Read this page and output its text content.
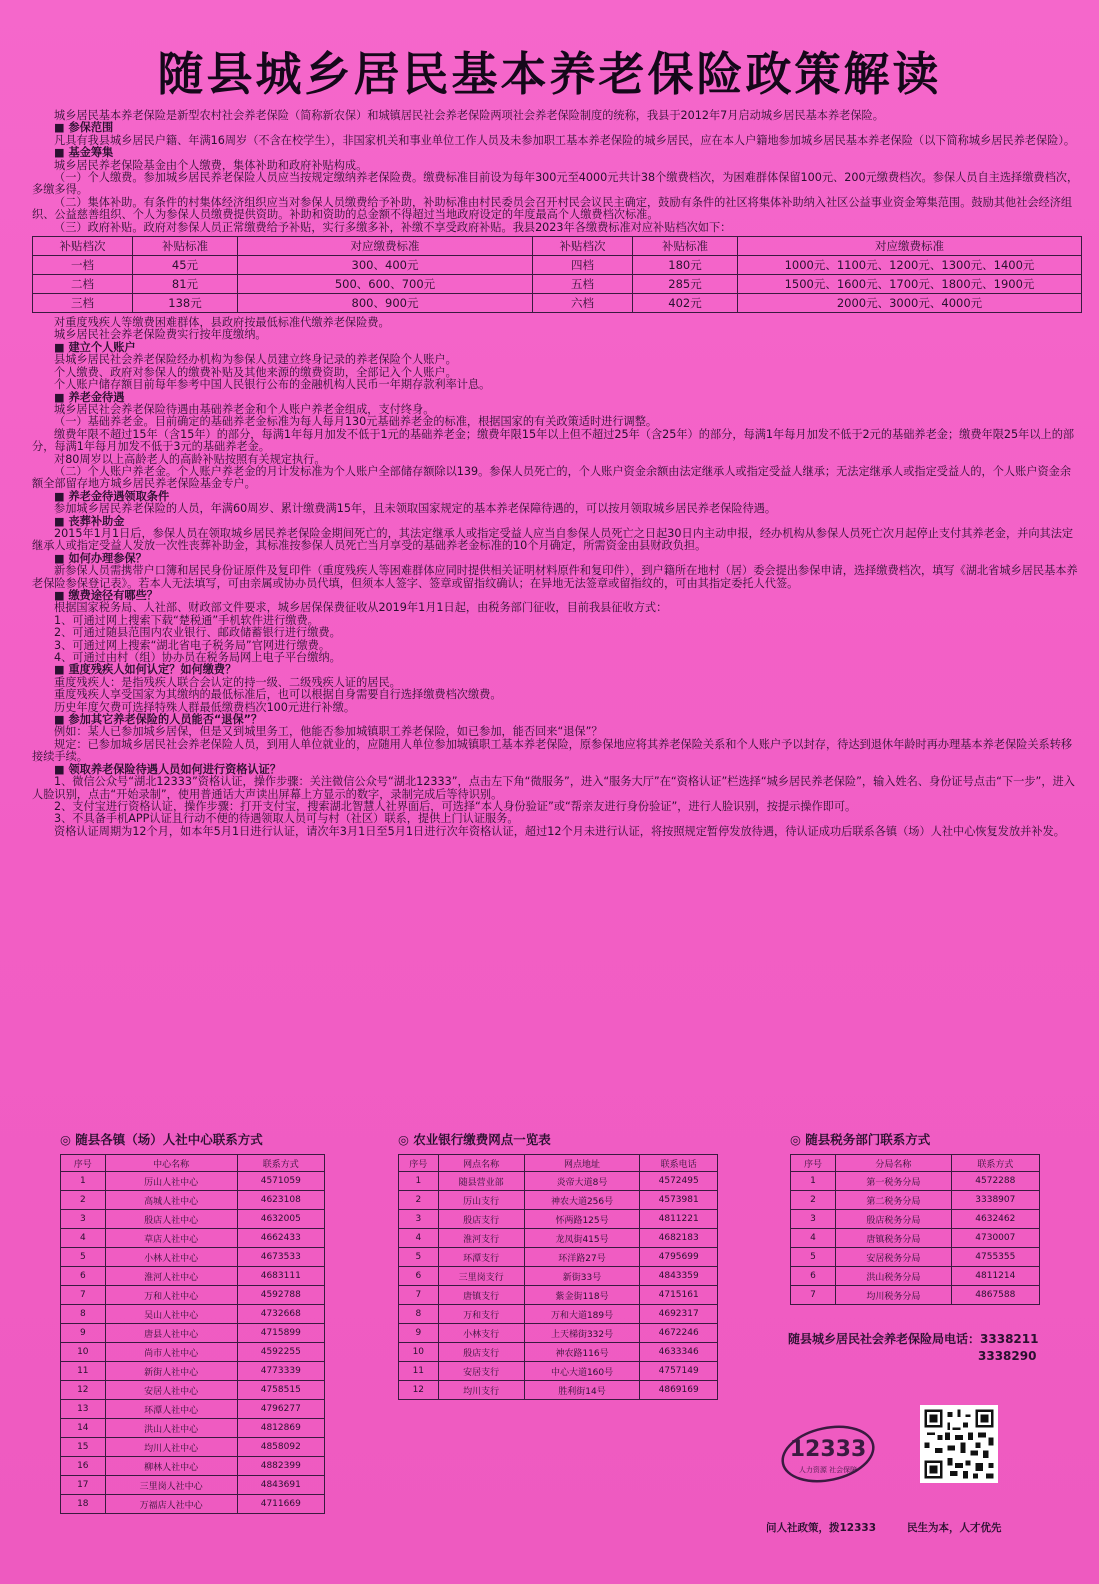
随县城乡居民基本养老保险政策解读

城乡居民基本养老保险是新型农村社会养老保险（简称新农保）和城镇居民社会养老保险两项社会养老保险制度的统称，我县于2012年7月启动城乡居民基本养老保险。

■ 参保范围

凡具有我县城乡居民户籍、年满16周岁（不含在校学生），非国家机关和事业单位工作人员及未参加职工基本养老保险的城乡居民，应在本人户籍地参加城乡居民基本养老保险（以下简称城乡居民养老保险）。

■ 基金筹集

城乡居民养老保险基金由个人缴费，集体补助和政府补贴构成。

（一）个人缴费。参加城乡居民养老保险人员应当按规定缴纳养老保险费。缴费标准目前设为每年300元至4000元共计38个缴费档次，为困难群体保留100元、200元缴费档次。参保人员自主选择缴费档次，多缴多得。

（二）集体补助。有条件的村集体经济组织应当对参保人员缴费给予补助，补助标准由村民委员会召开村民会议民主确定，鼓励有条件的社区将集体补助纳入社区公益事业资金筹集范围。鼓励其他社会经济组织、公益慈善组织、个人为参保人员缴费提供资助。补助和资助的总金额不得超过当地政府设定的年度最高个人缴费档次标准。

（三）政府补贴。政府对参保人员正常缴费给予补贴，实行多缴多补，补缴不享受政府补贴。我县2023年各缴费标准对应补贴档次如下：

补贴档次	补贴标准	对应缴费标准	补贴档次	补贴标准	对应缴费标准
一档	45元	300、400元	四档	180元	1000元、1100元、1200元、1300元、1400元
二档	81元	500、600、700元	五档	285元	1500元、1600元、1700元、1800元、1900元
三档	138元	800、900元	六档	402元	2000元、3000元、4000元

对重度残疾人等缴费困难群体，县政府按最低标准代缴养老保险费。

城乡居民社会养老保险费实行按年度缴纳。

■ 建立个人账户

县城乡居民社会养老保险经办机构为参保人员建立终身记录的养老保险个人账户。

个人缴费、政府对参保人的缴费补贴及其他来源的缴费资助，全部记入个人账户。

个人账户储存额目前每年参考中国人民银行公布的金融机构人民币一年期存款利率计息。

■ 养老金待遇

城乡居民社会养老保险待遇由基础养老金和个人账户养老金组成，支付终身。

（一）基础养老金。目前确定的基础养老金标准为每人每月130元基础养老金的标准，根据国家的有关政策适时进行调整。

缴费年限不超过15年（含15年）的部分，每满1年每月加发不低于1元的基础养老金；缴费年限15年以上但不超过25年（含25年）的部分，每满1年每月加发不低于2元的基础养老金；缴费年限25年以上的部分，每满1年每月加发不低于3元的基础养老金。

对80周岁以上高龄老人的高龄补贴按照有关规定执行。

（二）个人账户养老金。个人账户养老金的月计发标准为个人账户全部储存额除以139。参保人员死亡的，个人账户资金余额由法定继承人或指定受益人继承；无法定继承人或指定受益人的，个人账户资金余额全部留存地方城乡居民养老保险基金专户。

■ 养老金待遇领取条件

参加城乡居民养老保险的人员，年满60周岁、累计缴费满15年，且未领取国家规定的基本养老保障待遇的，可以按月领取城乡居民养老保险待遇。

■ 丧葬补助金

2015年1月1日后，参保人员在领取城乡居民养老保险金期间死亡的，其法定继承人或指定受益人应当自参保人员死亡之日起30日内主动申报，经办机构从参保人员死亡次月起停止支付其养老金，并向其法定继承人或指定受益人发放一次性丧葬补助金，其标准按参保人员死亡当月享受的基础养老金标准的10个月确定，所需资金由县财政负担。

■ 如何办理参保？

新参保人员需携带户口簿和居民身份证原件及复印件（重度残疾人等困难群体应同时提供相关证明材料原件和复印件），到户籍所在地村（居）委会提出参保申请，选择缴费档次，填写《湖北省城乡居民基本养老保险参保登记表》。若本人无法填写，可由亲属或协办员代填，但须本人签字、签章或留指纹确认；在异地无法签章或留指纹的，可由其指定委托人代签。

■ 缴费途径有哪些？

根据国家税务局、人社部、财政部文件要求，城乡居保保费征收从2019年1月1日起，由税务部门征收，目前我县征收方式：

1、可通过网上搜索下载“楚税通”手机软件进行缴费。

2、可通过随县范围内农业银行、邮政储蓄银行进行缴费。

3、可通过网上搜索“湖北省电子税务局”官网进行缴费。

4、可通过由村（组）协办员在税务局网上电子平台缴纳。

■ 重度残疾人如何认定？如何缴费？

重度残疾人：是指残疾人联合会认定的持一级、二级残疾人证的居民。

重度残疾人享受国家为其缴纳的最低标准后，也可以根据自身需要自行选择缴费档次缴费。

历史年度欠费可选择特殊人群最低缴费档次100元进行补缴。

■ 参加其它养老保险的人员能否“退保”？

例如：某人已参加城乡居保，但是又到城里务工，他能否参加城镇职工养老保险，如已参加，能否回来“退保”？

规定：已参加城乡居民社会养老保险人员，到用人单位就业的，应随用人单位参加城镇职工基本养老保险，原参保地应将其养老保险关系和个人账户予以封存，待达到退休年龄时再办理基本养老保险关系转移接续手续。

■ 领取养老保险待遇人员如何进行资格认证？

1、微信公众号“湖北12333”资格认证，操作步骤：关注微信公众号“湖北12333”，点击左下角“微服务”，进入“服务大厅”在“资格认证”栏选择“城乡居民养老保险”，输入姓名、身份证号点击“下一步”，进入人脸识别，点击“开始录制”，使用普通话大声读出屏幕上方显示的数字，录制完成后等待识别。

2、支付宝进行资格认证，操作步骤：打开支付宝，搜索湖北智慧人社界面后，可选择“本人身份验证”或“帮亲友进行身份验证”，进行人脸识别，按提示操作即可。

3、不具备手机APP认证且行动不便的待遇领取人员可与村（社区）联系，提供上门认证服务。

资格认证周期为12个月，如本年5月1日进行认证，请次年3月1日至5月1日进行次年资格认证，超过12个月未进行认证，将按照规定暂停发放待遇，待认证成功后联系各镇（场）人社中心恢复发放并补发。

◎ 随县各镇（场）人社中心联系方式
序号	中心名称	联系方式
1	厉山人社中心	4571059
2	高城人社中心	4623108
3	殷店人社中心	4632005
4	草店人社中心	4662433
5	小林人社中心	4673533
6	淮河人社中心	4683111
7	万和人社中心	4592788
8	吴山人社中心	4732668
9	唐县人社中心	4715899
10	尚市人社中心	4592255
11	新街人社中心	4773339
12	安居人社中心	4758515
13	环潭人社中心	4796277
14	洪山人社中心	4812869
15	均川人社中心	4858092
16	柳林人社中心	4882399
17	三里岗人社中心	4843691
18	万福店人社中心	4711669
◎ 农业银行缴费网点一览表
序号	网点名称	网点地址	联系电话
1	随县营业部	炎帝大道8号	4572495
2	厉山支行	神农大道256号	4573981
3	殷店支行	怀两路125号	4811221
4	淮河支行	龙凤街415号	4682183
5	环潭支行	环洋路27号	4795699
6	三里岗支行	新街33号	4843359
7	唐镇支行	紫金街118号	4715161
8	万和支行	万和大道189号	4692317
9	小林支行	上天梯街332号	4672246
10	殷店支行	神农路116号	4633346
11	安居支行	中心大道160号	4757149
12	均川支行	胜利街14号	4869169
◎ 随县税务部门联系方式
序号	分局名称	联系方式
1	第一税务分局	4572288
2	第二税务分局	3338907
3	殷店税务分局	4632462
4	唐镇税务分局	4730007
5	安居税务分局	4755355
6	洪山税务分局	4811214
7	均川税务分局	4867588
随县城乡居民社会养老保险局电话：3338211
3338290
12333
人力资源 社会保障
问人社政策，拨12333	民生为本，人才优先
